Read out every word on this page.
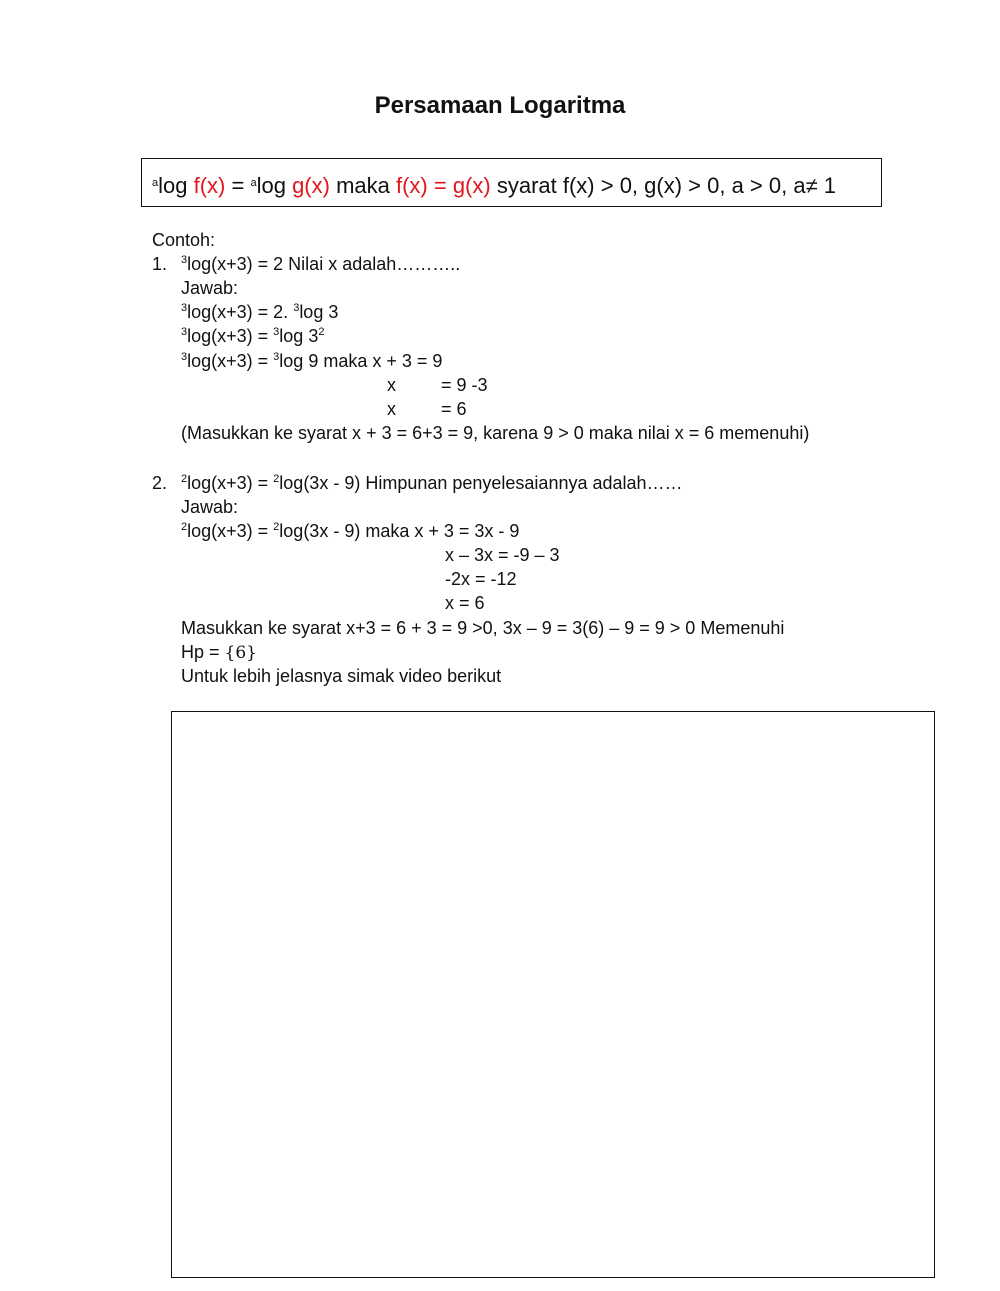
Persamaan Logaritma
$^a$log f(x) = $^a$log g(x) maka f(x) = g(x) syarat f(x) > 0, g(x) > 0, a > 0, a≠ 1
Contoh:
1. $^3$log(x+3) = 2 Nilai x adalah………..
Jawab:
$^3$log(x+3) = 2. $^3$log 3
$^3$log(x+3) = $^3$log $3^2$
$^3$log(x+3) = $^3$log 9 maka x + 3 = 9
x	= 9 -3
x	= 6
(Masukkan ke syarat x + 3 = 6+3 = 9, karena 9 > 0 maka nilai x = 6 memenuhi)
2. $^2$log(x+3) = $^2$log(3x - 9) Himpunan penyelesaiannya adalah……
Jawab:
$^2$log(x+3) = $^2$log(3x - 9) maka x + 3 = 3x - 9
x – 3x = -9 – 3
-2x = -12
x = 6
Masukkan ke syarat x+3 = 6 + 3 = 9 >0, 3x – 9 = 3(6) – 9 = 9 > 0 Memenuhi
Hp = {6}
Untuk lebih jelasnya simak video berikut
